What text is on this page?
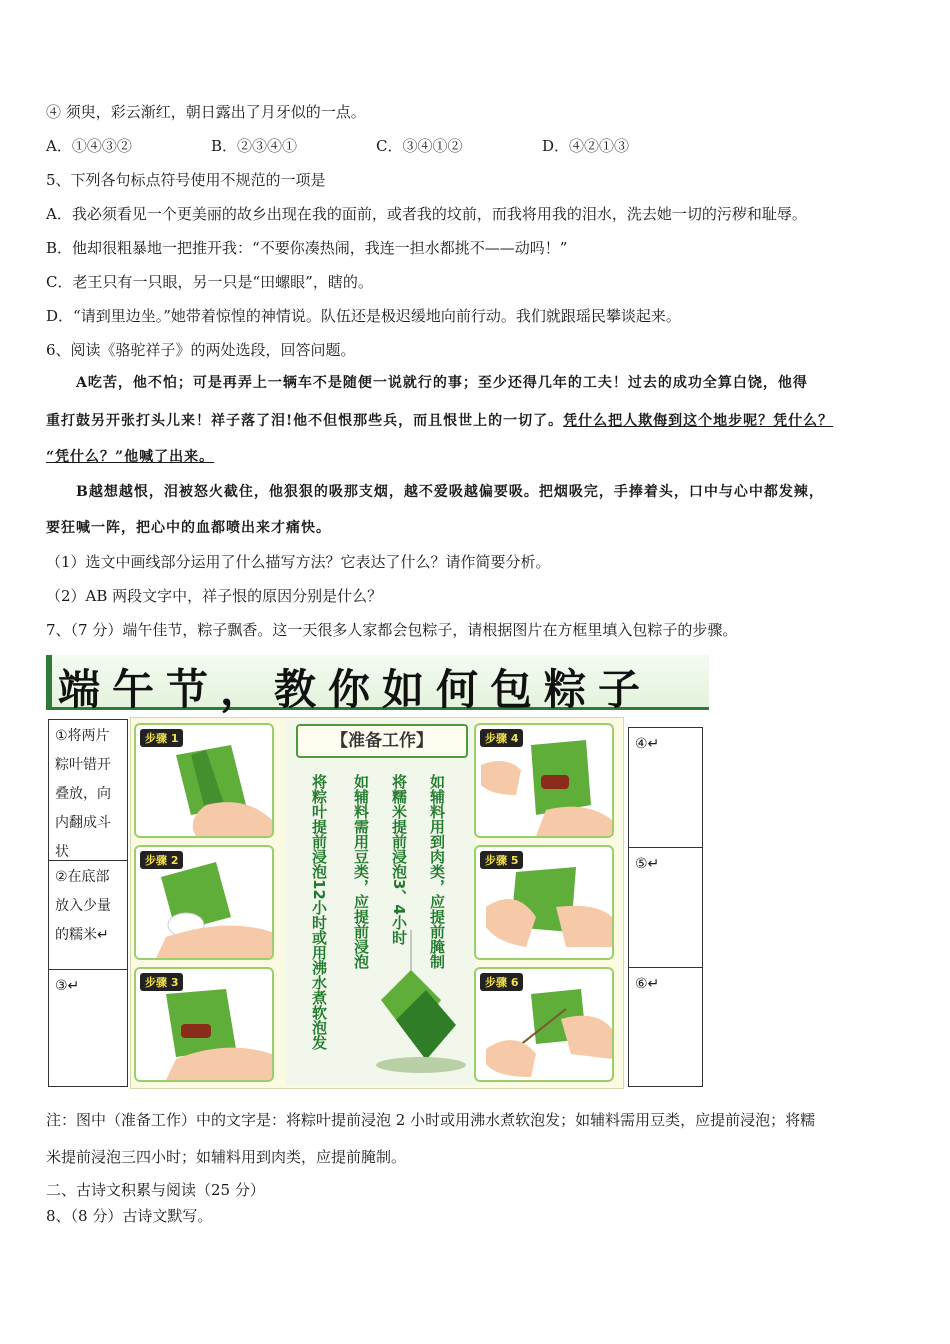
④ 须臾，彩云渐红，朝日露出了月牙似的一点。
A．①④③②	B．②③④①	C．③④①②	D．④②①③
5、下列各句标点符号使用不规范的一项是
A．我必须看见一个更美丽的故乡出现在我的面前，或者我的坟前，而我将用我的泪水，洗去她一切的污秽和耻辱。
B．他却很粗暴地一把推开我：“不要你凑热闹，我连一担水都挑不——动吗！”
C．老王只有一只眼，另一只是“田螺眼”，瞎的。
D．“请到里边坐。”她带着惊惶的神情说。队伍还是极迟缓地向前行动。我们就跟瑶民攀谈起来。
6、阅读《骆驼祥子》的两处选段，回答问题。
A吃苦，他不怕；可是再弄上一辆车不是随便一说就行的事；至少还得几年的工夫！过去的成功全算白饶，他得
重打鼓另开张打头儿来！祥子落了泪!他不但恨那些兵，而且恨世上的一切了。凭什么把人欺侮到这个地步呢？凭什么？
“凭什么？”他喊了出来。
B越想越恨，泪被怒火截住，他狠狠的吸那支烟，越不爱吸越偏要吸。把烟吸完，手捧着头，口中与心中都发辣，
要狂喊一阵，把心中的血都喷出来才痛快。
（1）选文中画线部分运用了什么描写方法？它表达了什么？请作简要分析。
（2）AB 两段文字中，祥子恨的原因分别是什么？
7、（7 分）端午佳节，粽子飘香。这一天很多人家都会包粽子，请根据图片在方框里填入包粽子的步骤。
端午节，教你如何包粽子
①将两片粽叶错开叠放，向内翻成斗状
②在底部放入少量的糯米↵
③↵
步骤 1
步骤 2
步骤 3
【准备工作】
将粽叶提前浸泡12小时或用沸水煮软泡发 如辅料需用豆类，应提前浸泡 将糯米提前浸泡3、4小时 如辅料用到肉类，应提前腌制
步骤 4
步骤 5
步骤 6
④↵
⑤↵
⑥↵
注：图中（准备工作）中的文字是：将粽叶提前浸泡 2 小时或用沸水煮软泡发；如辅料需用豆类，应提前浸泡；将糯
米提前浸泡三四小时；如辅料用到肉类，应提前腌制。
二、古诗文积累与阅读（25 分）
8、（8 分）古诗文默写。
